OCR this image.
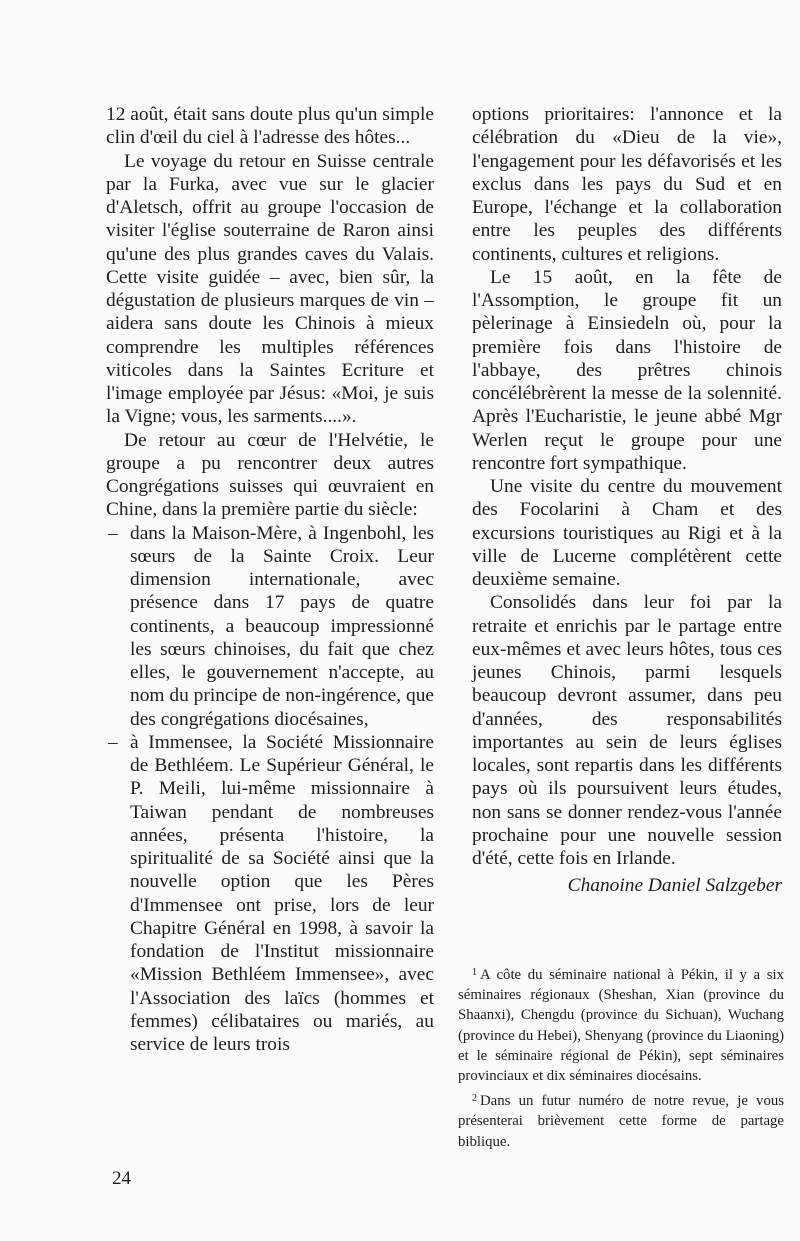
12 août, était sans doute plus qu'un simple clin d'œil du ciel à l'adresse des hôtes...

Le voyage du retour en Suisse centrale par la Furka, avec vue sur le glacier d'Aletsch, offrit au groupe l'occasion de visiter l'église souterraine de Raron ainsi qu'une des plus grandes caves du Valais. Cette visite guidée – avec, bien sûr, la dégustation de plusieurs marques de vin – aidera sans doute les Chinois à mieux comprendre les multiples références viticoles dans la Saintes Ecriture et l'image employée par Jésus: «Moi, je suis la Vigne; vous, les sarments....».

De retour au cœur de l'Helvétie, le groupe a pu rencontrer deux autres Congrégations suisses qui œuvraient en Chine, dans la première partie du siècle:

– dans la Maison-Mère, à Ingenbohl, les sœurs de la Sainte Croix. Leur dimension internationale, avec présence dans 17 pays de quatre continents, a beaucoup impressionné les sœurs chinoises, du fait que chez elles, le gouvernement n'accepte, au nom du principe de non-ingérence, que des congrégations diocésaines,
– à Immensee, la Société Missionnaire de Bethléem. Le Supérieur Général, le P. Meili, lui-même missionnaire à Taiwan pendant de nombreuses années, présenta l'histoire, la spiritualité de sa Société ainsi que la nouvelle option que les Pères d'Immensee ont prise, lors de leur Chapitre Général en 1998, à savoir la fondation de l'Institut missionnaire «Mission Bethléem Immensee», avec l'Association des laïcs (hommes et femmes) célibataires ou mariés, au service de leurs trois

options prioritaires: l'annonce et la célébration du «Dieu de la vie», l'engagement pour les défavorisés et les exclus dans les pays du Sud et en Europe, l'échange et la collaboration entre les peuples des différents continents, cultures et religions.

Le 15 août, en la fête de l'Assomption, le groupe fit un pèlerinage à Einsiedeln où, pour la première fois dans l'histoire de l'abbaye, des prêtres chinois concélébrèrent la messe de la solennité. Après l'Eucharistie, le jeune abbé Mgr Werlen reçut le groupe pour une rencontre fort sympathique.

Une visite du centre du mouvement des Focolarini à Cham et des excursions touristiques au Rigi et à la ville de Lucerne complétèrent cette deuxième semaine.

Consolidés dans leur foi par la retraite et enrichis par le partage entre eux-mêmes et avec leurs hôtes, tous ces jeunes Chinois, parmi lesquels beaucoup devront assumer, dans peu d'années, des responsabilités importantes au sein de leurs églises locales, sont repartis dans les différents pays où ils poursuivent leurs études, non sans se donner rendez-vous l'année prochaine pour une nouvelle session d'été, cette fois en Irlande.

Chanoine Daniel Salzgeber

$^1$ A côte du séminaire national à Pékin, il y a six séminaires régionaux (Sheshan, Xian (province du Shaanxi), Chengdu (province du Sichuan), Wuchang (province du Hebei), Shenyang (province du Liaoning) et le séminaire régional de Pékin), sept séminaires provinciaux et dix séminaires diocésains.

$^2$ Dans un futur numéro de notre revue, je vous présenterai brièvement cette forme de partage biblique.

24
